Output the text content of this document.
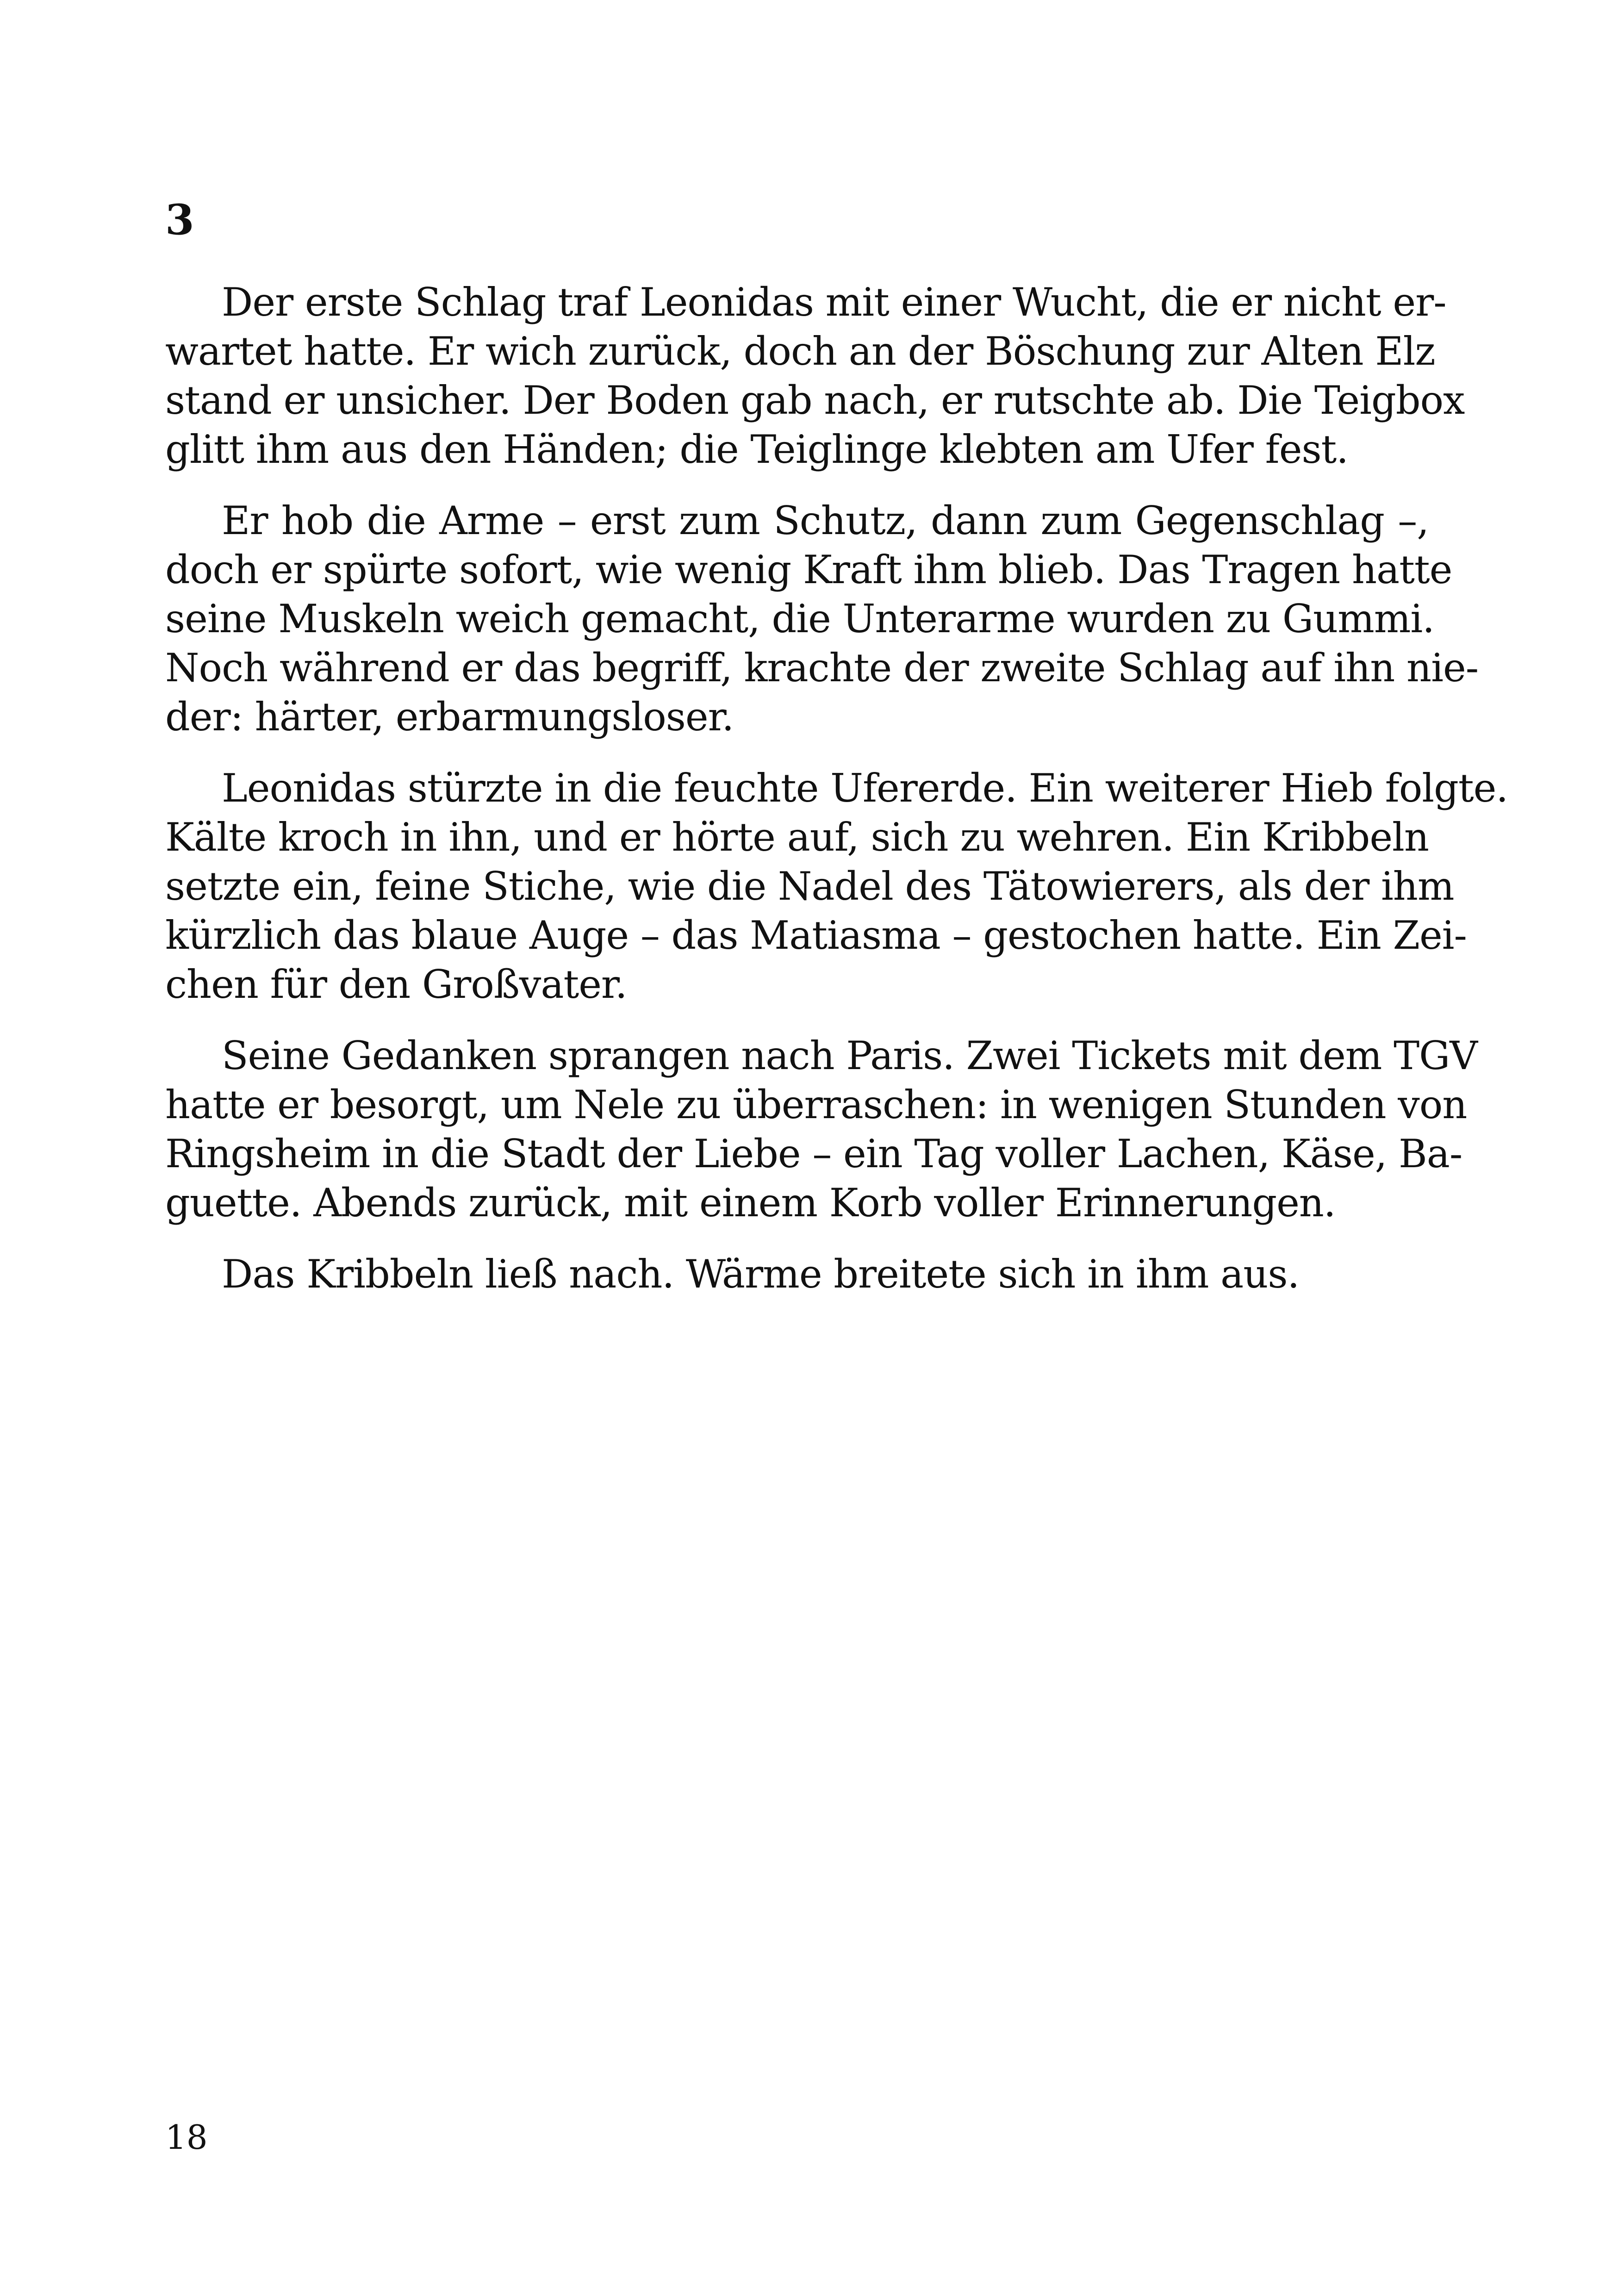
3
Der erste Schlag traf Leonidas mit einer Wucht, die er nicht er-
wartet hatte. Er wich zurück, doch an der Böschung zur Alten Elz
stand er unsicher. Der Boden gab nach, er rutschte ab. Die Teigbox
glitt ihm aus den Händen; die Teiglinge klebten am Ufer fest.
Er hob die Arme – erst zum Schutz, dann zum Gegenschlag –,
doch er spürte sofort, wie wenig Kraft ihm blieb. Das Tragen hatte
seine Muskeln weich gemacht, die Unterarme wurden zu Gummi.
Noch während er das begriff, krachte der zweite Schlag auf ihn nie-
der: härter, erbarmungsloser.
Leonidas stürzte in die feuchte Ufererde. Ein weiterer Hieb folgte.
Kälte kroch in ihn, und er hörte auf, sich zu wehren. Ein Kribbeln
setzte ein, feine Stiche, wie die Nadel des Tätowierers, als der ihm
kürzlich das blaue Auge – das Matiasma – gestochen hatte. Ein Zei-
chen für den Großvater.
Seine Gedanken sprangen nach Paris. Zwei Tickets mit dem TGV
hatte er besorgt, um Nele zu überraschen: in wenigen Stunden von
Ringsheim in die Stadt der Liebe – ein Tag voller Lachen, Käse, Ba-
guette. Abends zurück, mit einem Korb voller Erinnerungen.
Das Kribbeln ließ nach. Wärme breitete sich in ihm aus.

18
